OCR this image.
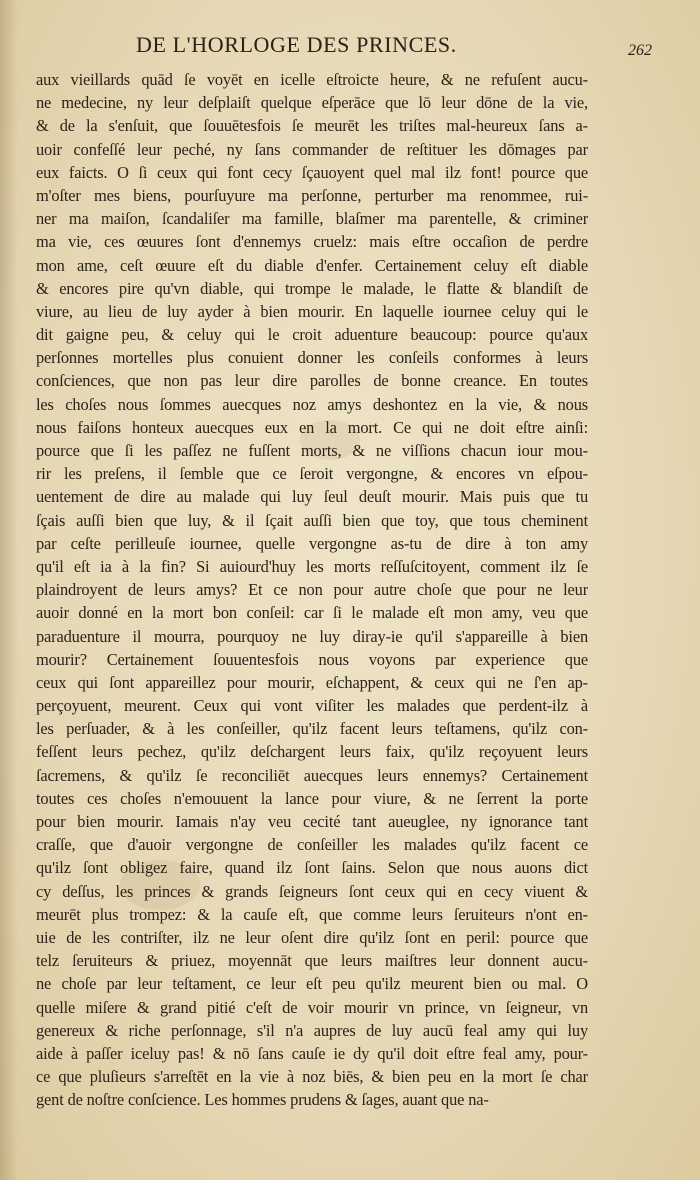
DE L'HORLOGE DES PRINCES.	262
aux vieillards quād ſe voyēt en icelle eſtroicte heure, & ne refuſent aucu-
ne medecine, ny leur deſplaiſt quelque eſperāce que lō leur dōne de la vie,
& de la s'enſuit, que ſouuētesfois ſe meurēt les triſtes mal-heureux ſans a-
uoir confeſſé leur peché, ny ſans commander de reſtituer les dōmages par
eux faicts. O ſi ceux qui font cecy ſçauoyent quel mal ilz font! pource que
m'oſter mes biens, pourſuyure ma perſonne, perturber ma renommee, rui-
ner ma maiſon, ſcandaliſer ma famille, blaſmer ma parentelle, & criminer
ma vie, ces œuures ſont d'ennemys cruelz: mais eſtre occaſion de perdre
mon ame, ceſt œuure eſt du diable d'enfer. Certainement celuy eſt diable
& encores pire qu'vn diable, qui trompe le malade, le flatte & blandiſt de
viure, au lieu de luy ayder à bien mourir. En laquelle iournee celuy qui le
dit gaigne peu, & celuy qui le croit aduenture beaucoup: pource qu'aux
perſonnes mortelles plus conuient donner les conſeils conformes à leurs
conſciences, que non pas leur dire parolles de bonne creance. En toutes
les choſes nous ſommes auecques noz amys deshontez en la vie, & nous
nous faiſons honteux auecques eux en la mort. Ce qui ne doit eſtre ainſi:
pource que ſi les paſſez ne fuſſent morts, & ne viſſions chacun iour mou-
rir les preſens, il ſemble que ce ſeroit vergongne, & encores vn eſpou-
uentement de dire au malade qui luy ſeul deuſt mourir. Mais puis que tu
ſçais auſſi bien que luy, & il ſçait auſſi bien que toy, que tous cheminent
par ceſte perilleuſe iournee, quelle vergongne as-tu de dire à ton amy
qu'il eſt ia à la fin? Si auiourd'huy les morts reſſuſcitoyent, comment ilz ſe
plaindroyent de leurs amys? Et ce non pour autre choſe que pour ne leur
auoir donné en la mort bon conſeil: car ſi le malade eſt mon amy, veu que
paraduenture il mourra, pourquoy ne luy diray-ie qu'il s'appareille à bien
mourir? Certainement ſouuentesfois nous voyons par experience que
ceux qui ſont appareillez pour mourir, eſchappent, & ceux qui ne ſ'en ap-
perçoyuent, meurent. Ceux qui vont viſiter les malades que perdent-ilz à
les perſuader, & à les conſeiller, qu'ilz facent leurs teſtamens, qu'ilz con-
feſſent leurs pechez, qu'ilz deſchargent leurs faix, qu'ilz reçoyuent leurs
ſacremens, & qu'ilz ſe reconciliēt auecques leurs ennemys? Certainement
toutes ces choſes n'emouuent la lance pour viure, & ne ſerrent la porte
pour bien mourir. Iamais n'ay veu cecité tant aueuglee, ny ignorance tant
craſſe, que d'auoir vergongne de conſeiller les malades qu'ilz facent ce
qu'ilz ſont obligez faire, quand ilz ſont ſains. Selon que nous auons dict
cy deſſus, les princes & grands ſeigneurs ſont ceux qui en cecy viuent &
meurēt plus trompez: & la cauſe eſt, que comme leurs ſeruiteurs n'ont en-
uie de les contriſter, ilz ne leur oſent dire qu'ilz ſont en peril: pource que
telz ſeruiteurs & priuez, moyennāt que leurs maiſtres leur donnent aucu-
ne choſe par leur teſtament, ce leur eſt peu qu'ilz meurent bien ou mal. O
quelle miſere & grand pitié c'eſt de voir mourir vn prince, vn ſeigneur, vn
genereux & riche perſonnage, s'il n'a aupres de luy aucū feal amy qui luy
aide à paſſer iceluy pas! & nō ſans cauſe ie dy qu'il doit eſtre feal amy, pour-
ce que pluſieurs s'arreſtēt en la vie à noz biēs, & bien peu en la mort ſe char
gent de noſtre conſcience. Les hommes prudens & ſages, auant que na-
